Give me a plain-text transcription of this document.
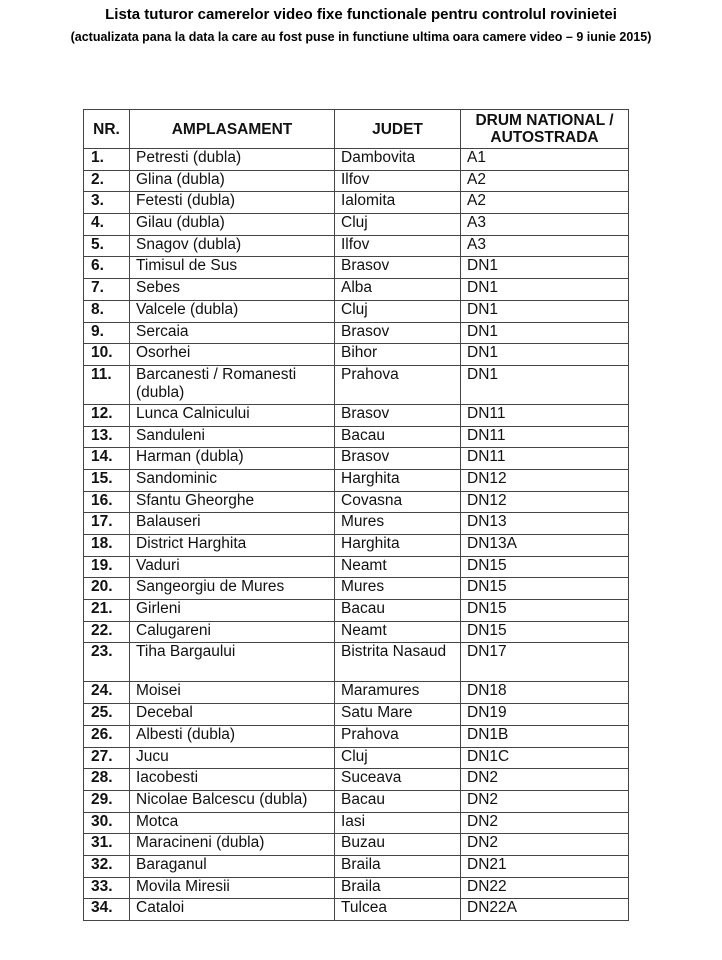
Lista tuturor camerelor video fixe functionale pentru controlul rovinietei
(actualizata pana la data la care au fost puse in functiune ultima oara camere video – 9 iunie 2015)
NR.	AMPLASAMENT	JUDET	DRUM NATIONAL / AUTOSTRADA
1.	Petresti (dubla)	Dambovita	A1
2.	Glina (dubla)	Ilfov	A2
3.	Fetesti (dubla)	Ialomita	A2
4.	Gilau (dubla)	Cluj	A3
5.	Snagov (dubla)	Ilfov	A3
6.	Timisul de Sus	Brasov	DN1
7.	Sebes	Alba	DN1
8.	Valcele (dubla)	Cluj	DN1
9.	Sercaia	Brasov	DN1
10.	Osorhei	Bihor	DN1
11.	Barcanesti / Romanesti (dubla)	Prahova	DN1
12.	Lunca Calnicului	Brasov	DN11
13.	Sanduleni	Bacau	DN11
14.	Harman (dubla)	Brasov	DN11
15.	Sandominic	Harghita	DN12
16.	Sfantu Gheorghe	Covasna	DN12
17.	Balauseri	Mures	DN13
18.	District Harghita	Harghita	DN13A
19.	Vaduri	Neamt	DN15
20.	Sangeorgiu de Mures	Mures	DN15
21.	Girleni	Bacau	DN15
22.	Calugareni	Neamt	DN15
23.	Tiha Bargaului	Bistrita Nasaud	DN17
24.	Moisei	Maramures	DN18
25.	Decebal	Satu Mare	DN19
26.	Albesti (dubla)	Prahova	DN1B
27.	Jucu	Cluj	DN1C
28.	Iacobesti	Suceava	DN2
29.	Nicolae Balcescu (dubla)	Bacau	DN2
30.	Motca	Iasi	DN2
31.	Maracineni (dubla)	Buzau	DN2
32.	Baraganul	Braila	DN21
33.	Movila Miresii	Braila	DN22
34.	Cataloi	Tulcea	DN22A
